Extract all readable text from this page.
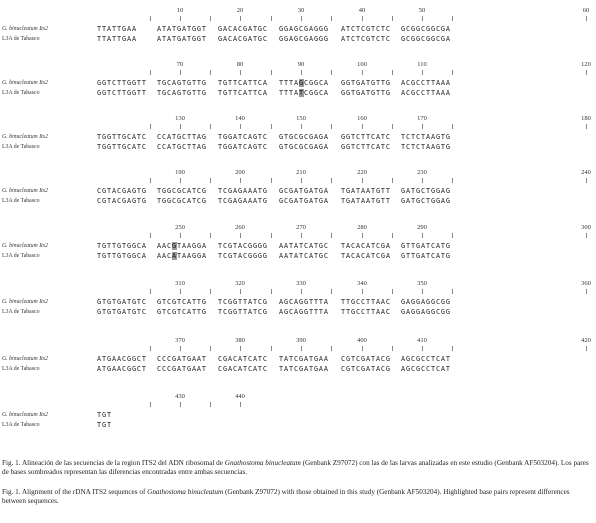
10	20	30	40	50	60
G. binucleatum Its2	TTATTGAA	ATATGATGGT	GACACGATGC	GGAGCGAGGG	ATCTCGTCTC	GCGGCGGCGA
L3A de Tabasco	TTATTGAA	ATATGATGGT	GACACGATGC	GGAGCGAGGG	ATCTCGTCTC	GCGGCGGCGA
70	80	90	100	110	120
G. binucleatum Its2	GGTCTTGGTT	TGCAGTGTTG	TGTTCATTCA	TTTAGCGGCA	GGTGATGTTG	ACGCCTTAAA
L3A de Tabasco	GGTCTTGGTT	TGCAGTGTTG	TGTTCATTCA	TTTATCGGCA	GGTGATGTTG	ACGCCTTAAA
130	140	150	160	170	180
G. binucleatum Its2	TGGTTGCATC	CCATGCTTAG	TGGATCAGTC	GTGCGCGAGA	GGTCTTCATC	TCTCTAAGTG
L3A de Tabasco	TGGTTGCATC	CCATGCTTAG	TGGATCAGTC	GTGCGCGAGA	GGTCTTCATC	TCTCTAAGTG
190	200	210	220	230	240
G. binucleatum Its2	CGTACGAGTG	TGGCGCATCG	TCGAGAAATG	GCGATGATGA	TGATAATGTT	GATGCTGGAG
L3A de Tabasco	CGTACGAGTG	TGGCGCATCG	TCGAGAAATG	GCGATGATGA	TGATAATGTT	GATGCTGGAG
250	260	270	280	290	300
G. binucleatum Its2	TGTTGTGGCA	AACGTAAGGA	TCGTACGGGG	AATATCATGC	TACACATCGA	GTTGATCATG
L3A de Tabasco	TGTTGTGGCA	AACATAAGGA	TCGTACGGGG	AATATCATGC	TACACATCGA	GTTGATCATG
310	320	330	340	350	360
G. binucleatum Its2	GTGTGATGTC	GTCGTCATTG	TCGGTTATCG	AGCAGGTTTA	TTGCCTTAAC	GAGGAGGCGG
L3A de Tabasco	GTGTGATGTC	GTCGTCATTG	TCGGTTATCG	AGCAGGTTTA	TTGCCTTAAC	GAGGAGGCGG
370	380	390	400	410	420
G. binucleatum Its2	ATGAACGGCT	CCCGATGAAT	CGACATCATC	TATCGATGAA	CGTCGATACG	AGCGCCTCAT
L3A de Tabasco	ATGAACGGCT	CCCGATGAAT	CGACATCATC	TATCGATGAA	CGTCGATACG	AGCGCCTCAT
430	440
G. binucleatum Its2	TGT
L3A de Tabasco	TGT
Fig. 1. Alineación de las secuencias de la region ITS2 del ADN ribosomal de Gnathostoma binucleatum (Genbank Z97072) con las de las larvas analizadas en este estudio (Genbank AF503204). Los pares de bases sombreados representan las diferencias encontradas entre ambas secuencias.
Fig. 1. Alignment of the rDNA ITS2 sequences of Gnathostoma binucleatum (Genbank Z97072) with those obtained in this study (Genbank AF503204). Highlighted base pairs represent differences between sequences.
